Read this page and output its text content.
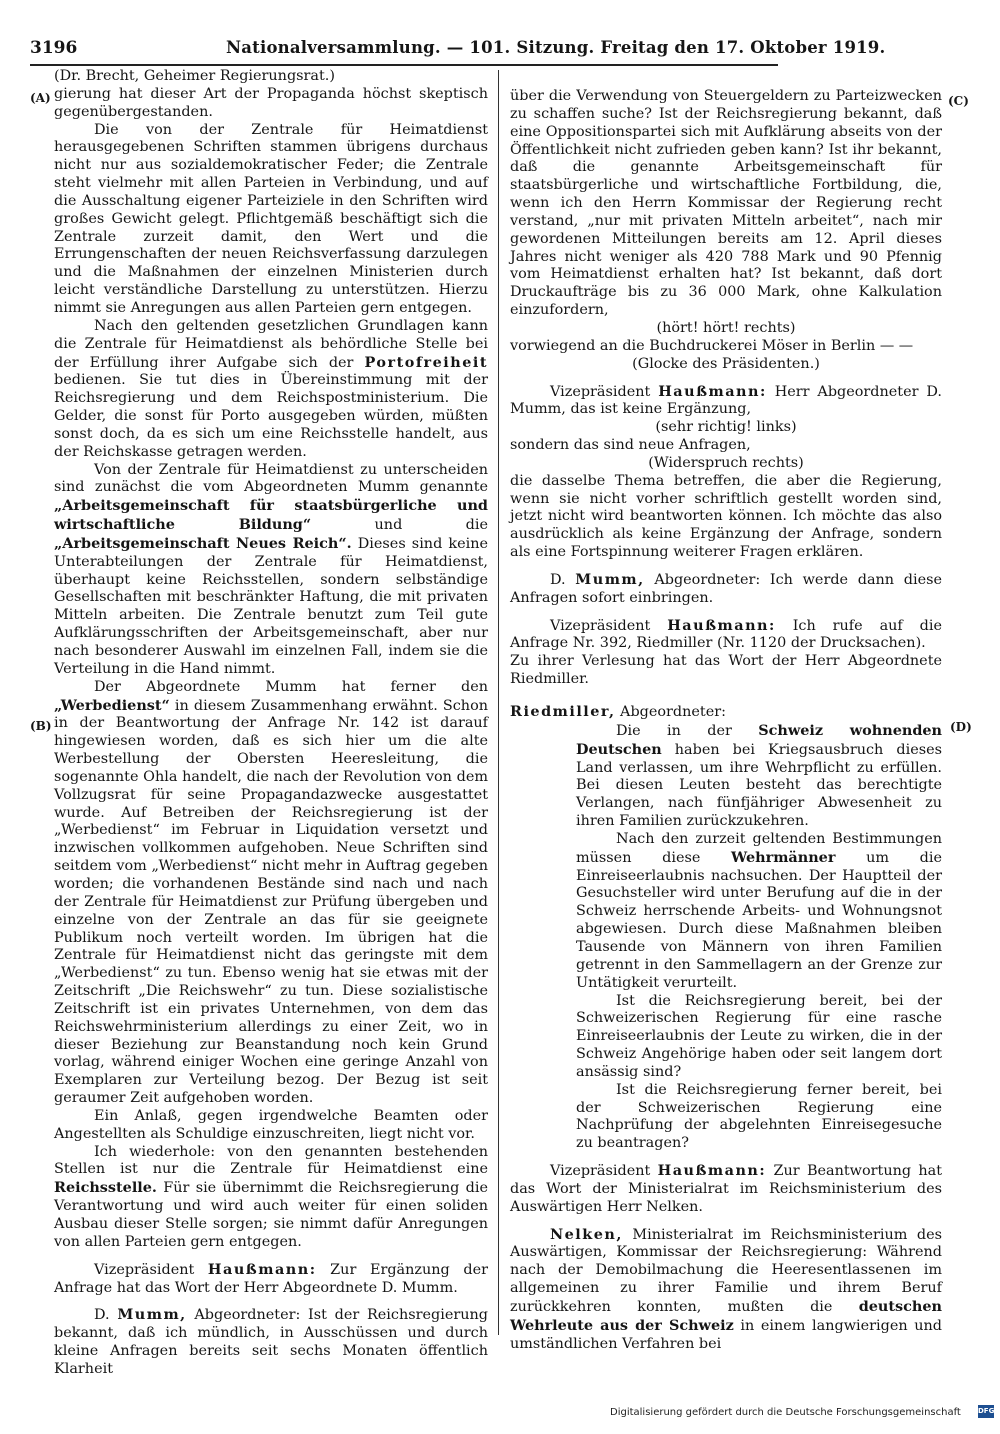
3196	Nationalversammlung. — 101. Sitzung. Freitag den 17. Oktober 1919.
(A)
(B)
(C)
(D)

(Dr. Brecht, Geheimer Regierungsrat.)

gierung hat dieser Art der Propaganda höchst skeptisch gegenübergestanden.

Die von der Zentrale für Heimatdienst herausgegebenen Schriften stammen übrigens durchaus nicht nur aus sozialdemokratischer Feder; die Zentrale steht vielmehr mit allen Parteien in Verbindung, und auf die Ausschaltung eigener Parteiziele in den Schriften wird großes Gewicht gelegt. Pflichtgemäß beschäftigt sich die Zentrale zurzeit damit, den Wert und die Errungenschaften der neuen Reichsverfassung darzulegen und die Maßnahmen der einzelnen Ministerien durch leicht verständliche Darstellung zu unterstützen. Hierzu nimmt sie Anregungen aus allen Parteien gern entgegen.

Nach den geltenden gesetzlichen Grundlagen kann die Zentrale für Heimatdienst als behördliche Stelle bei der Erfüllung ihrer Aufgabe sich der Portofreiheit bedienen. Sie tut dies in Übereinstimmung mit der Reichsregierung und dem Reichspostministerium. Die Gelder, die sonst für Porto ausgegeben würden, müßten sonst doch, da es sich um eine Reichsstelle handelt, aus der Reichskasse getragen werden.

Von der Zentrale für Heimatdienst zu unterscheiden sind zunächst die vom Abgeordneten Mumm genannte „Arbeitsgemeinschaft für staatsbürgerliche und wirtschaftliche Bildung“ und die „Arbeitsgemeinschaft Neues Reich“. Dieses sind keine Unterabteilungen der Zentrale für Heimatdienst, überhaupt keine Reichsstellen, sondern selbständige Gesellschaften mit beschränkter Haftung, die mit privaten Mitteln arbeiten. Die Zentrale benutzt zum Teil gute Aufklärungsschriften der Arbeitsgemeinschaft, aber nur nach besonderer Auswahl im einzelnen Fall, indem sie die Verteilung in die Hand nimmt.

Der Abgeordnete Mumm hat ferner den „Werbedienst“ in diesem Zusammenhang erwähnt. Schon in der Beantwortung der Anfrage Nr. 142 ist darauf hingewiesen worden, daß es sich hier um die alte Werbestellung der Obersten Heeresleitung, die sogenannte Ohla handelt, die nach der Revolution von dem Vollzugsrat für seine Propagandazwecke ausgestattet wurde. Auf Betreiben der Reichsregierung ist der „Werbedienst“ im Februar in Liquidation versetzt und inzwischen vollkommen aufgehoben. Neue Schriften sind seitdem vom „Werbedienst“ nicht mehr in Auftrag gegeben worden; die vorhandenen Bestände sind nach und nach der Zentrale für Heimatdienst zur Prüfung übergeben und einzelne von der Zentrale an das für sie geeignete Publikum noch verteilt worden. Im übrigen hat die Zentrale für Heimatdienst nicht das geringste mit dem „Werbedienst“ zu tun. Ebenso wenig hat sie etwas mit der Zeitschrift „Die Reichswehr“ zu tun. Diese sozialistische Zeitschrift ist ein privates Unternehmen, von dem das Reichswehrministerium allerdings zu einer Zeit, wo in dieser Beziehung zur Beanstandung noch kein Grund vorlag, während einiger Wochen eine geringe Anzahl von Exemplaren zur Verteilung bezog. Der Bezug ist seit geraumer Zeit aufgehoben worden.

Ein Anlaß, gegen irgendwelche Beamten oder Angestellten als Schuldige einzuschreiten, liegt nicht vor.

Ich wiederhole: von den genannten bestehenden Stellen ist nur die Zentrale für Heimatdienst eine Reichsstelle. Für sie übernimmt die Reichsregierung die Verantwortung und wird auch weiter für einen soliden Ausbau dieser Stelle sorgen; sie nimmt dafür Anregungen von allen Parteien gern entgegen.

Vizepräsident Haußmann: Zur Ergänzung der Anfrage hat das Wort der Herr Abgeordnete D. Mumm.

D. Mumm, Abgeordneter: Ist der Reichsregierung bekannt, daß ich mündlich, in Ausschüssen und durch kleine Anfragen bereits seit sechs Monaten öffentlich Klarheit

über die Verwendung von Steuergeldern zu Parteizwecken zu schaffen suche? Ist der Reichsregierung bekannt, daß eine Oppositionspartei sich mit Aufklärung abseits von der Öffentlichkeit nicht zufrieden geben kann? Ist ihr bekannt, daß die genannte Arbeitsgemeinschaft für staatsbürgerliche und wirtschaftliche Fortbildung, die, wenn ich den Herrn Kommissar der Regierung recht verstand, „nur mit privaten Mitteln arbeitet“, nach mir gewordenen Mitteilungen bereits am 12. April dieses Jahres nicht weniger als 420 788 Mark und 90 Pfennig vom Heimatdienst erhalten hat? Ist bekannt, daß dort Druckaufträge bis zu 36 000 Mark, ohne Kalkulation einzufordern,

(hört! hört! rechts)

vorwiegend an die Buchdruckerei Möser in Berlin — —

(Glocke des Präsidenten.)

Vizepräsident Haußmann: Herr Abgeordneter D. Mumm, das ist keine Ergänzung,

(sehr richtig! links)

sondern das sind neue Anfragen,

(Widerspruch rechts)

die dasselbe Thema betreffen, die aber die Regierung, wenn sie nicht vorher schriftlich gestellt worden sind, jetzt nicht wird beantworten können. Ich möchte das also ausdrücklich als keine Ergänzung der Anfrage, sondern als eine Fortspinnung weiterer Fragen erklären.

D. Mumm, Abgeordneter: Ich werde dann diese Anfragen sofort einbringen.

Vizepräsident Haußmann: Ich rufe auf die Anfrage Nr. 392, Riedmiller (Nr. 1120 der Drucksachen).

Zu ihrer Verlesung hat das Wort der Herr Abgeordnete Riedmiller.

Riedmiller, Abgeordneter:

Die in der Schweiz wohnenden Deutschen haben bei Kriegsausbruch dieses Land verlassen, um ihre Wehrpflicht zu erfüllen. Bei diesen Leuten besteht das berechtigte Verlangen, nach fünfjähriger Abwesenheit zu ihren Familien zurückzukehren.

Nach den zurzeit geltenden Bestimmungen müssen diese Wehrmänner um die Einreiseerlaubnis nachsuchen. Der Hauptteil der Gesuchsteller wird unter Berufung auf die in der Schweiz herrschende Arbeits- und Wohnungsnot abgewiesen. Durch diese Maßnahmen bleiben Tausende von Männern von ihren Familien getrennt in den Sammellagern an der Grenze zur Untätigkeit verurteilt.

Ist die Reichsregierung bereit, bei der Schweizerischen Regierung für eine rasche Einreiseerlaubnis der Leute zu wirken, die in der Schweiz Angehörige haben oder seit langem dort ansässig sind?

Ist die Reichsregierung ferner bereit, bei der Schweizerischen Regierung eine Nachprüfung der abgelehnten Einreisegesuche zu beantragen?

Vizepräsident Haußmann: Zur Beantwortung hat das Wort der Ministerialrat im Reichsministerium des Auswärtigen Herr Nelken.

Nelken, Ministerialrat im Reichsministerium des Auswärtigen, Kommissar der Reichsregierung: Während nach der Demobilmachung die Heeresentlassenen im allgemeinen zu ihrer Familie und ihrem Beruf zurückkehren konnten, mußten die deutschen Wehrleute aus der Schweiz in einem langwierigen und umständlichen Verfahren bei

Digitalisierung gefördert durch die Deutsche Forschungsgemeinschaft DFG
